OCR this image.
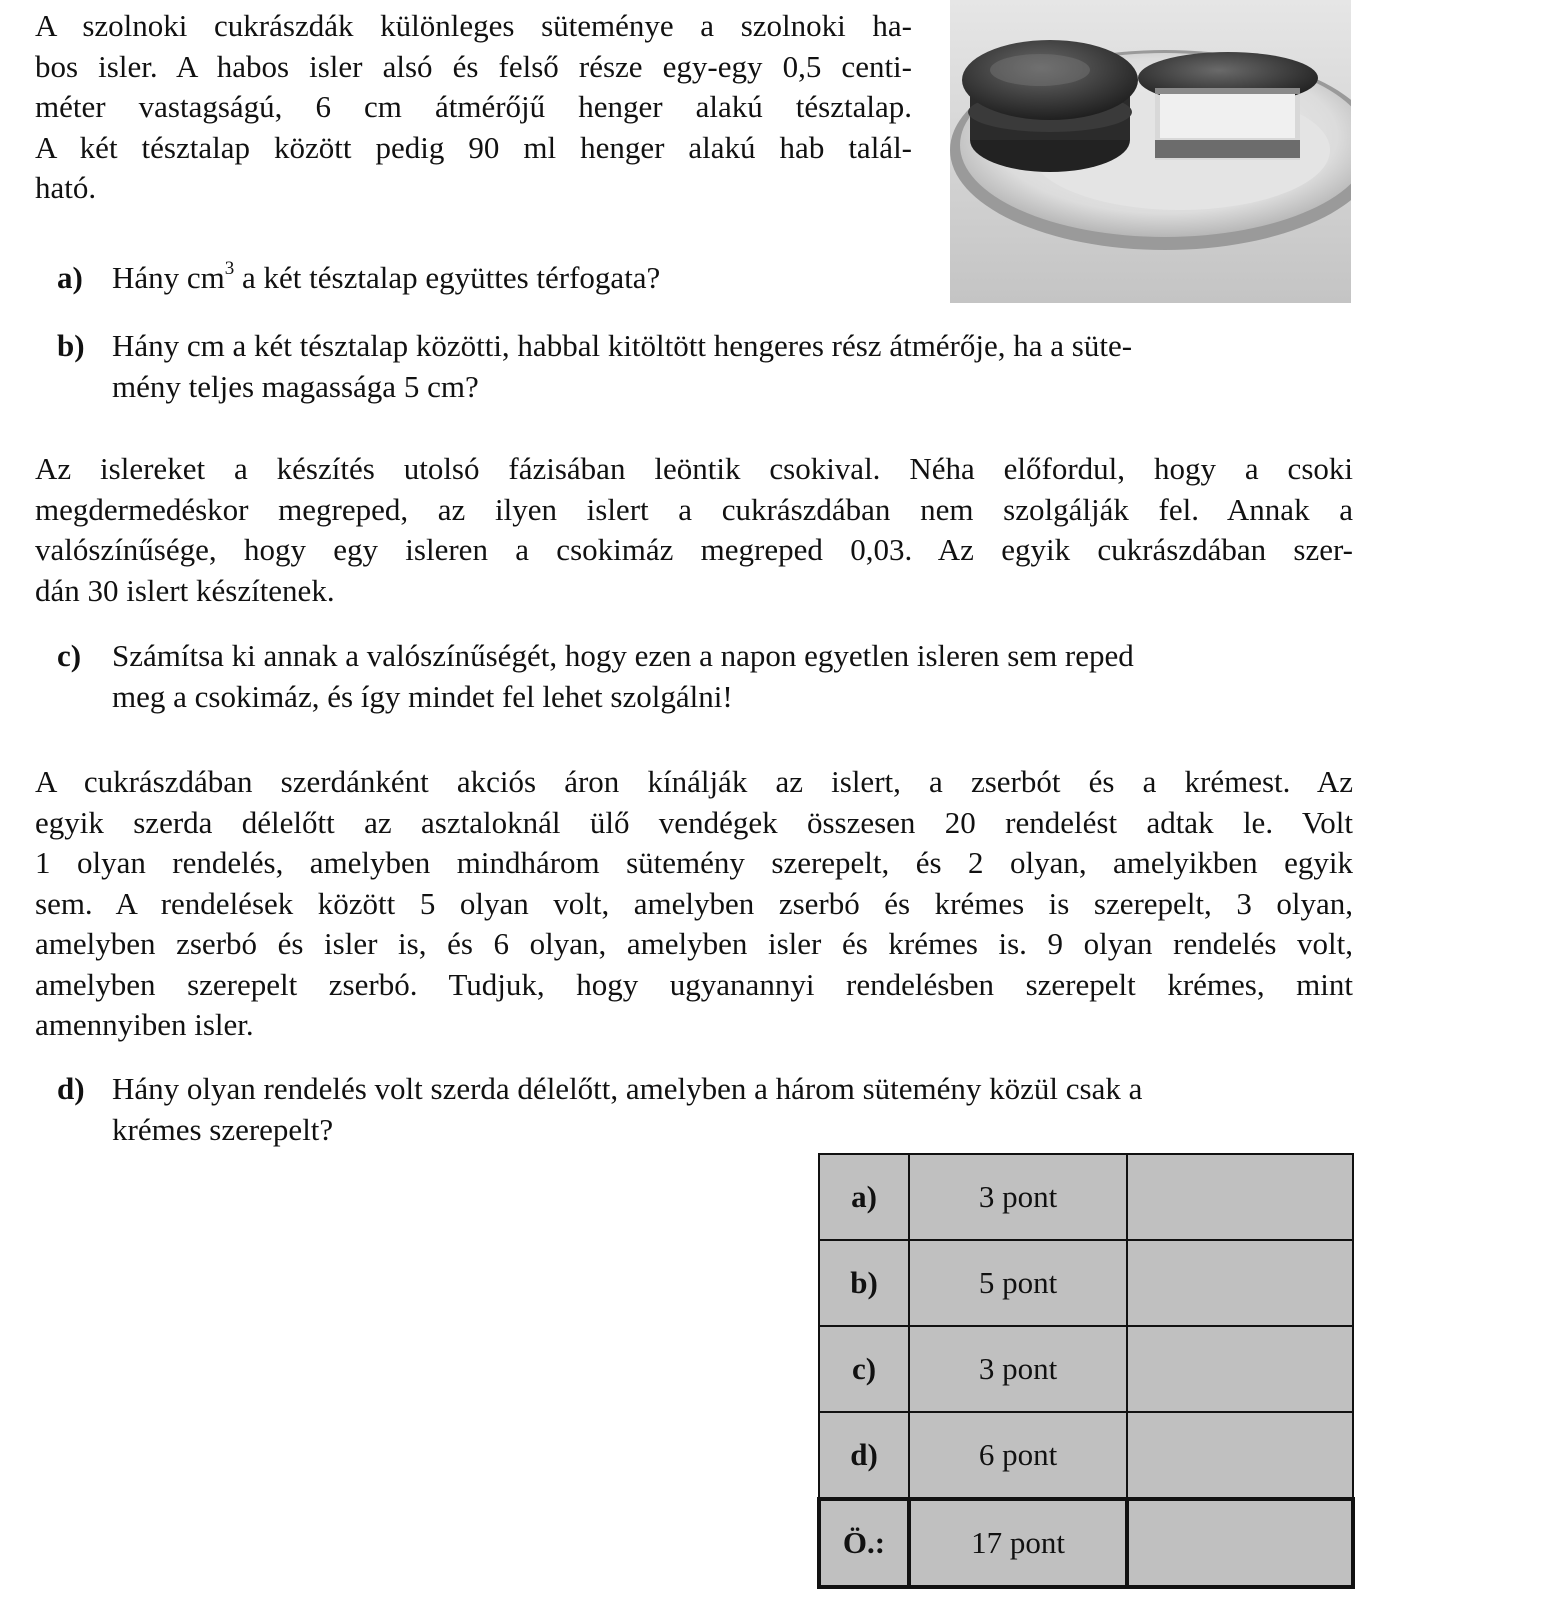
A szolnoki cukrászdák különleges süteménye a szolnoki ha-
bos isler. A habos isler alsó és felső része egy-egy 0,5 centi-
méter vastagságú, 6 cm átmérőjű henger alakú tésztalap.
A két tésztalap között pedig 90 ml henger alakú hab talál-
ható.

a) Hány $cm^3$ a két tésztalap együttes térfogata?
b) Hány cm a két tésztalap közötti, habbal kitöltött hengeres rész átmérője, ha a süte-
mény teljes magassága 5 cm?

Az islereket a készítés utolsó fázisában leöntik csokival. Néha előfordul, hogy a csoki
megdermedéskor megreped, az ilyen islert a cukrászdában nem szolgálják fel. Annak a
valószínűsége, hogy egy isleren a csokimáz megreped 0,03. Az egyik cukrászdában szer-
dán 30 islert készítenek.

c) Számítsa ki annak a valószínűségét, hogy ezen a napon egyetlen isleren sem reped
meg a csokimáz, és így mindet fel lehet szolgálni!

A cukrászdában szerdánként akciós áron kínálják az islert, a zserbót és a krémest. Az
egyik szerda délelőtt az asztaloknál ülő vendégek összesen 20 rendelést adtak le. Volt
1 olyan rendelés, amelyben mindhárom sütemény szerepelt, és 2 olyan, amelyikben egyik
sem. A rendelések között 5 olyan volt, amelyben zserbó és krémes is szerepelt, 3 olyan,
amelyben zserbó és isler is, és 6 olyan, amelyben isler és krémes is. 9 olyan rendelés volt,
amelyben szerepelt zserbó. Tudjuk, hogy ugyanannyi rendelésben szerepelt krémes, mint
amennyiben isler.

d) Hány olyan rendelés volt szerda délelőtt, amelyben a három sütemény közül csak a
krémes szerepelt?
a)	3 pont	
b)	5 pont	
c)	3 pont	
d)	6 pont	
Ö.:	17 pont	
